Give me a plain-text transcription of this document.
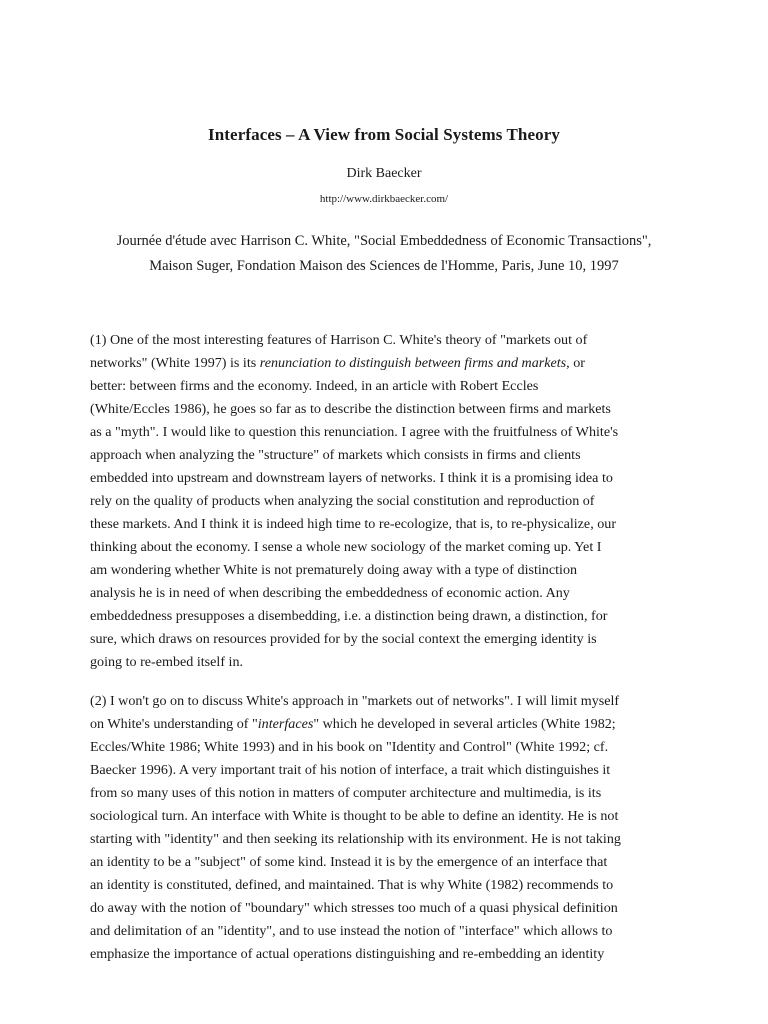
Interfaces – A View from Social Systems Theory
Dirk Baecker
http://www.dirkbaecker.com/
Journée d'étude avec Harrison C. White, "Social Embeddedness of Economic Transactions",
Maison Suger, Fondation Maison des Sciences de l'Homme, Paris, June 10, 1997
(1) One of the most interesting features of Harrison C. White's theory of "markets out of
networks" (White 1997) is its renunciation to distinguish between firms and markets, or
better: between firms and the economy. Indeed, in an article with Robert Eccles
(White/Eccles 1986), he goes so far as to describe the distinction between firms and markets
as a "myth". I would like to question this renunciation. I agree with the fruitfulness of White's
approach when analyzing the "structure" of markets which consists in firms and clients
embedded into upstream and downstream layers of networks. I think it is a promising idea to
rely on the quality of products when analyzing the social constitution and reproduction of
these markets. And I think it is indeed high time to re-ecologize, that is, to re-physicalize, our
thinking about the economy. I sense a whole new sociology of the market coming up. Yet I
am wondering whether White is not prematurely doing away with a type of distinction
analysis he is in need of when describing the embeddedness of economic action. Any
embeddedness presupposes a disembedding, i.e. a distinction being drawn, a distinction, for
sure, which draws on resources provided for by the social context the emerging identity is
going to re-embed itself in.
(2) I won't go on to discuss White's approach in "markets out of networks". I will limit myself
on White's understanding of "interfaces" which he developed in several articles (White 1982;
Eccles/White 1986; White 1993) and in his book on "Identity and Control" (White 1992; cf.
Baecker 1996). A very important trait of his notion of interface, a trait which distinguishes it
from so many uses of this notion in matters of computer architecture and multimedia, is its
sociological turn. An interface with White is thought to be able to define an identity. He is not
starting with "identity" and then seeking its relationship with its environment. He is not taking
an identity to be a "subject" of some kind. Instead it is by the emergence of an interface that
an identity is constituted, defined, and maintained. That is why White (1982) recommends to
do away with the notion of "boundary" which stresses too much of a quasi physical definition
and delimitation of an "identity", and to use instead the notion of "interface" which allows to
emphasize the importance of actual operations distinguishing and re-embedding an identity
